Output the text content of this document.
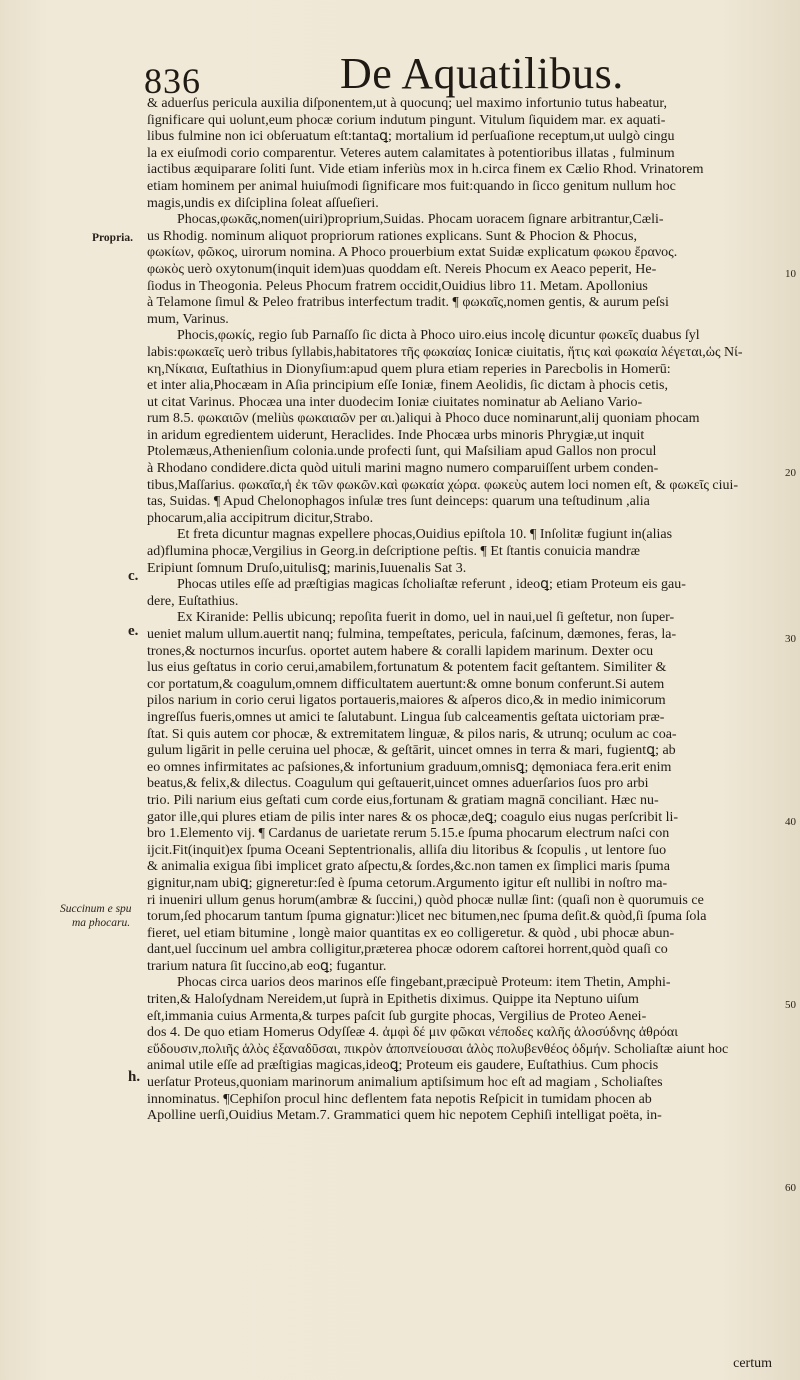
836	De Aquatilibus.
Propria.
Succinum e spu
ma phocaru.
c.
e.
h.
10
20
30
40
50
60
& aduerſus pericula auxilia diſponentem,ut à quocunq; uel maximo infortunio tutus habeatur,
ſignificare qui uolunt,eum phocæ corium indutum pingunt. Vitulum ſiquidem mar. ex aquati-
libus fulmine non ici obſeruatum eſt:tantaꝗ; mortalium id perſuaſione receptum,ut uulgò cingu
la ex eiuſmodi corio comparentur. Veteres autem calamitates à potentioribus illatas , fulminum
iactibus æquiparare ſoliti ſunt. Vide etiam inferiùs mox in h.circa finem ex Cælio Rhod. Vrinatorem
etiam hominem per animal huiuſmodi ſignificare mos fuit:quando in ſicco genitum nullum hoc
magis,undis ex diſciplina ſoleat aſſueſieri.
Phocas,φωκᾶς,nomen(uiri)proprium,Suidas. Phocam uoracem ſignare arbitrantur,Cæli-
us Rhodig. nominum aliquot propriorum rationes explicans. Sunt & Phocion & Phocus,
φωκίων, φῶκος, uirorum nomina. A Phoco prouerbium extat Suidæ explicatum φωκου ἔρανος.
φωκὸς uerò oxytonum(inquit idem)uas quoddam eſt. Nereis Phocum ex Aeaco peperit, He-
ſiodus in Theogonia. Peleus Phocum fratrem occidit,Ouidius libro 11. Metam. Apollonius
à Telamone ſimul & Peleo fratribus interfectum tradit. ¶ φωκαῖς,nomen gentis, & aurum peſsi
mum, Varinus.
Phocis,φωκίς, regio ſub Parnaſſo ſic dicta à Phoco uiro.eius incolę dicuntur φωκεῖς duabus ſyl
labis:φωκαεῖς uerò tribus ſyllabis,habitatores τῆς φωκαίας Ionicæ ciuitatis, ἥτις καὶ φωκαία λέγεται,ὡς Νί-
κη,Νίκαια, Euſtathius in Dionyſium:apud quem plura etiam reperies in Parecbolis in Homerū:
et inter alia,Phocæam in Aſia principium eſſe Ioniæ, finem Aeolidis, ſic dictam à phocis cetis,
ut citat Varinus. Phocæa una inter duodecim Ioniæ ciuitates nominatur ab Aeliano Vario-
rum 8.5. φωκαιῶν (meliùs φωκαιαῶν per αι.)aliqui à Phoco duce nominarunt,alij quoniam phocam
in aridum egredientem uiderunt, Heraclides. Inde Phocæa urbs minoris Phrygiæ,ut inquit
Ptolemæus,Athenienſium colonia.unde profecti ſunt, qui Maſsiliam apud Gallos non procul
à Rhodano condidere.dicta quòd uituli marini magno numero comparuiſſent urbem conden-
tibus,Maſſarius. φωκαῖα,ἡ ἐκ τῶν φωκῶν.καὶ φωκαία χώρα. φωκεὺς autem loci nomen eſt, & φωκεῖς ciui-
tas, Suidas. ¶ Apud Chelonophagos inſulæ tres ſunt deinceps: quarum una teſtudinum ,alia
phocarum,alia accipitrum dicitur,Strabo.
Et freta dicuntur magnas expellere phocas,Ouidius epiſtola 10. ¶ Inſolitæ fugiunt in(alias
ad)flumina phocæ,Vergilius in Georg.in deſcriptione peſtis. ¶ Et ſtantis conuicia mandræ
Eripiunt ſomnum Druſo,uitulisꝗ; marinis,Iuuenalis Sat 3.
Phocas utiles eſſe ad præſtigias magicas ſcholiaſtæ referunt , ideoꝗ; etiam Proteum eis gau-
dere, Euſtathius.
Ex Kiranide: Pellis ubicunq; repoſita fuerit in domo, uel in naui,uel ſi geſtetur, non ſuper-
ueniet malum ullum.auertit nanq; fulmina, tempeſtates, pericula, faſcinum, dæmones, feras, la-
trones,& nocturnos incurſus. oportet autem habere & coralli lapidem marinum. Dexter ocu
lus eius geſtatus in corio cerui,amabilem,fortunatum & potentem facit geſtantem. Similiter &
cor portatum,& coagulum,omnem difficultatem auertunt:& omne bonum conferunt.Si autem
pilos narium in corio cerui ligatos portaueris,maiores & aſperos dico,& in medio inimicorum
ingreſſus fueris,omnes ut amici te ſalutabunt. Lingua ſub calceamentis geſtata uictoriam præ-
ſtat. Si quis autem cor phocæ, & extremitatem linguæ, & pilos naris, & utrunq; oculum ac coa-
gulum ligārit in pelle ceruina uel phocæ, & geſtārit, uincet omnes in terra & mari, fugientꝗ; ab
eo omnes infirmitates ac paſsiones,& infortunium graduum,omnisꝗ; dęmoniaca fera.erit enim
beatus,& felix,& dilectus. Coagulum qui geſtauerit,uincet omnes aduerſarios ſuos pro arbi
trio. Pili narium eius geſtati cum corde eius,fortunam & gratiam magnā conciliant. Hæc nu-
gator ille,qui plures etiam de pilis inter nares & os phocæ,deꝗ; coagulo eius nugas perſcribit li-
bro 1.Elemento vij. ¶ Cardanus de uarietate rerum 5.15.e ſpuma phocarum electrum naſci con
ijcit.Fit(inquit)ex ſpuma Oceani Septentrionalis, alliſa diu litoribus & ſcopulis , ut lentore ſuo
& animalia exigua ſibi implicet grato aſpectu,& ſordes,&c.non tamen ex ſimplici maris ſpuma
gignitur,nam ubiꝗ; gigneretur:ſed è ſpuma cetorum.Argumento igitur eſt nullibi in noſtro ma-
ri inueniri ullum genus horum(ambræ & ſuccini,) quòd phocæ nullæ ſint: (quaſi non è quorumuis ce
torum,ſed phocarum tantum ſpuma gignatur:)licet nec bitumen,nec ſpuma deſit.& quòd,ſi ſpuma ſola
fieret, uel etiam bitumine , longè maior quantitas ex eo colligeretur. & quòd , ubi phocæ abun-
dant,uel ſuccinum uel ambra colligitur,præterea phocæ odorem caſtorei horrent,quòd quaſi co
trarium natura ſit ſuccino,ab eoꝗ; fugantur.
Phocas circa uarios deos marinos eſſe fingebant,præcipuè Proteum: item Thetin, Amphi-
triten,& Haloſydnam Nereidem,ut ſuprà in Epithetis diximus. Quippe ita Neptuno uiſum
eſt,immania cuius Armenta,& turpes paſcit ſub gurgite phocas, Vergilius de Proteo Aenei-
dos 4. De quo etiam Homerus Odyſſeæ 4. ἀμφὶ δέ μιν φῶκαι νέποδες καλῆς ἁλοσύδνης ἀθρόαι
εὕδουσιν,πολιῆς ἁλὸς ἐξαναδῦσαι, πικρὸν ἀποπνείουσαι ἁλὸς πολυβενθέος ὀδμήν. Scholiaſtæ aiunt hoc
animal utile eſſe ad præſtigias magicas,ideoꝗ; Proteum eis gaudere, Euſtathius. Cum phocis
uerſatur Proteus,quoniam marinorum animalium aptiſsimum hoc eſt ad magiam , Scholiaſtes
innominatus. ¶Cephiſon procul hinc deflentem fata nepotis Reſpicit in tumidam phocen ab
Apolline uerſi,Ouidius Metam.7. Grammatici quem hic nepotem Cephiſi intelligat poëta, in-
certum
